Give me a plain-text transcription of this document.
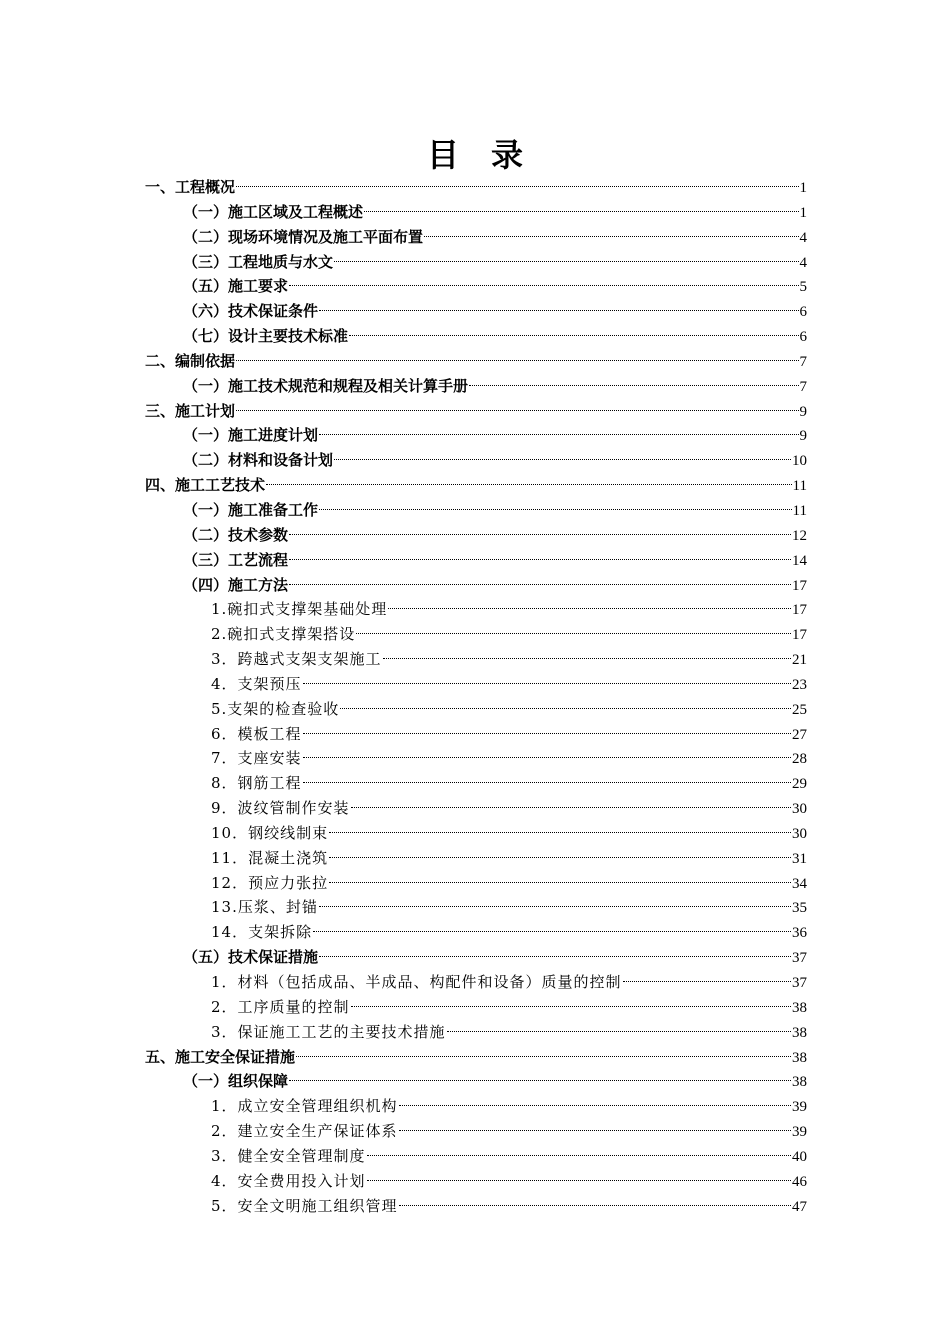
目　录
一、工程概况	1
（一）施工区域及工程概述	1
（二）现场环境情况及施工平面布置	4
（三）工程地质与水文	4
（五）施工要求	5
（六）技术保证条件	6
（七）设计主要技术标准	6
二、编制依据	7
（一）施工技术规范和规程及相关计算手册	7
三、施工计划	9
（一）施工进度计划	9
（二）材料和设备计划	10
四、施工工艺技术	11
（一）施工准备工作	11
（二）技术参数	12
（三）工艺流程	14
（四）施工方法	17
1.碗扣式支撑架基础处理	17
2.碗扣式支撑架搭设	17
3．跨越式支架支架施工	21
4．支架预压	23
5.支架的检查验收	25
6．模板工程	27
7．支座安装	28
8．钢筋工程	29
9．波纹管制作安装	30
10．钢绞线制束	30
11．混凝土浇筑	31
12．预应力张拉	34
13.压浆、封锚	35
14．支架拆除	36
（五）技术保证措施	37
1．材料（包括成品、半成品、构配件和设备）质量的控制	37
2．工序质量的控制	38
3．保证施工工艺的主要技术措施	38
五、施工安全保证措施	38
（一）组织保障	38
1．成立安全管理组织机构	39
2．建立安全生产保证体系	39
3．健全安全管理制度	40
4．安全费用投入计划	46
5．安全文明施工组织管理	47
